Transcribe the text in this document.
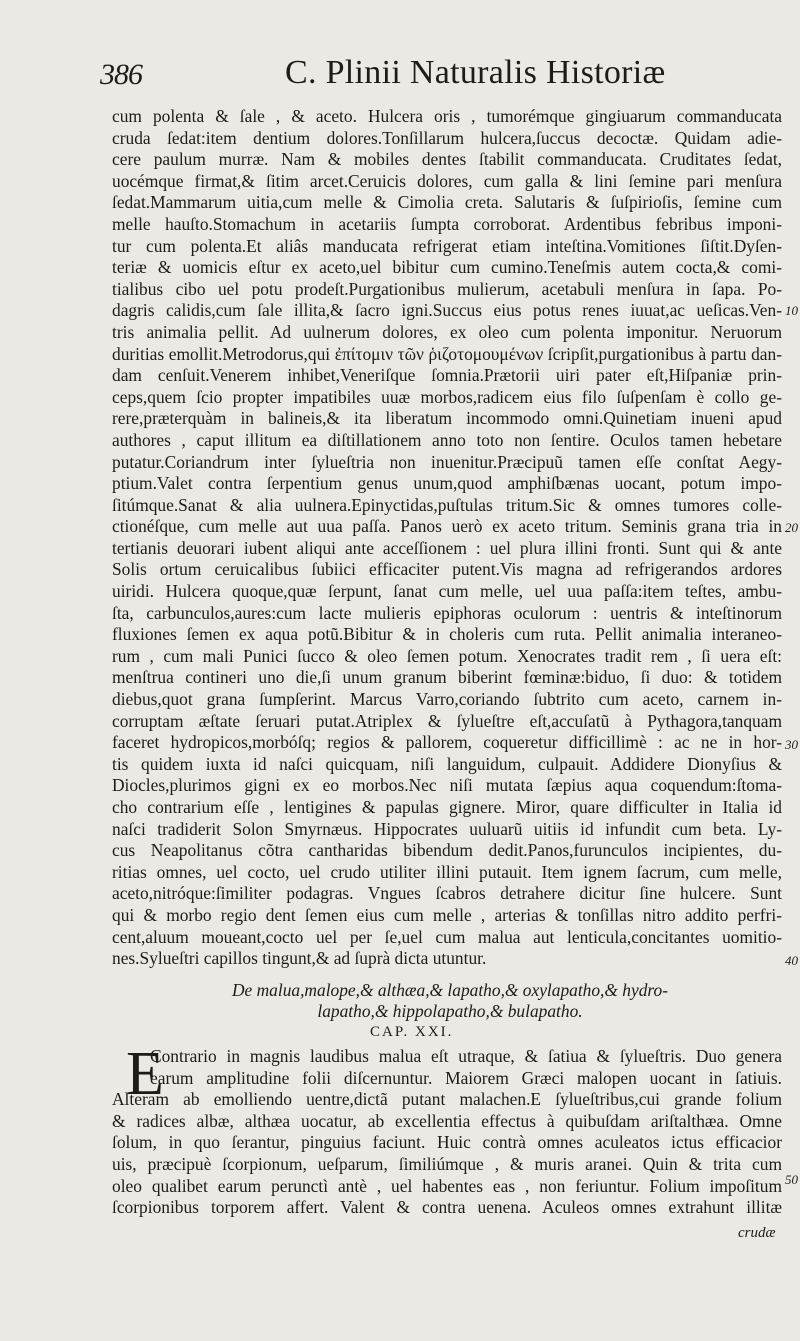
386	C. Plinii Naturalis Historiæ
cum polenta & ſale , & aceto. Hulcera oris , tumorémque gingiuarum commanducata
cruda ſedat:item dentium dolores.Tonſillarum hulcera,ſuccus decoctæ. Quidam adie-
cere paulum murræ. Nam & mobiles dentes ſtabilit commanducata. Cruditates ſedat,
uocémque firmat,& ſitim arcet.Ceruicis dolores, cum galla & lini ſemine pari menſura
ſedat.Mammarum uitia,cum melle & Cimolia creta. Salutaris & ſuſpirioſis, ſemine cum
melle hauſto.Stomachum in acetariis ſumpta corroborat. Ardentibus febribus imponi-
tur cum polenta.Et aliâs manducata refrigerat etiam inteſtina.Vomitiones ſiſtit.Dyſen-
teriæ & uomicis eſtur ex aceto,uel bibitur cum cumino.Teneſmis autem cocta,& comi-
tialibus cibo uel potu prodeſt.Purgationibus mulierum, acetabuli menſura in ſapa. Po-
dagris calidis,cum ſale illita,& ſacro igni.Succus eius potus renes iuuat,ac ueſicas.Ven-
tris animalia pellit. Ad uulnerum dolores, ex oleo cum polenta imponitur. Neruorum
duritias emollit.Metrodorus,qui ἐπίτομιν τῶν ῥιζοτομουμένων ſcripſit,purgationibus à partu dan-
dam cenſuit.Venerem inhibet,Veneriſque ſomnia.Prætorii uiri pater eſt,Hiſpaniæ prin-
ceps,quem ſcio propter impatibiles uuæ morbos,radicem eius filo ſuſpenſam è collo ge-
rere,præterquàm in balineis,& ita liberatum incommodo omni.Quinetiam inueni apud
authores , caput illitum ea diſtillationem anno toto non ſentire. Oculos tamen hebetare
putatur.Coriandrum inter ſylueſtria non inuenitur.Præcipuũ tamen eſſe conſtat Aegy-
ptium.Valet contra ſerpentium genus unum,quod amphiſbænas uocant, potum impo-
ſitúmque.Sanat & alia uulnera.Epinyctidas,puſtulas tritum.Sic & omnes tumores colle-
ctionéſque, cum melle aut uua paſſa. Panos uerò ex aceto tritum. Seminis grana tria in
tertianis deuorari iubent aliqui ante acceſſionem : uel plura illini fronti. Sunt qui & ante
Solis ortum ceruicalibus ſubiici efficaciter putent.Vis magna ad refrigerandos ardores
uiridi. Hulcera quoque,quæ ſerpunt, ſanat cum melle, uel uua paſſa:item teſtes, ambu-
ſta, carbunculos,aures:cum lacte mulieris epiphoras oculorum : uentris & inteſtinorum
fluxiones ſemen ex aqua potũ.Bibitur & in choleris cum ruta. Pellit animalia interaneo-
rum , cum mali Punici ſucco & oleo ſemen potum. Xenocrates tradit rem , ſi uera eſt:
menſtrua contineri uno die,ſi unum granum biberint fœminæ:biduo, ſi duo: & totidem
diebus,quot grana ſumpſerint. Marcus Varro,coriando ſubtrito cum aceto, carnem in-
corruptam æſtate ſeruari putat.Atriplex & ſylueſtre eſt,accuſatũ à Pythagora,tanquam
faceret hydropicos,morbóſq; regios & pallorem, coqueretur difficillimè : ac ne in hor-
tis quidem iuxta id naſci quicquam, niſi languidum, culpauit. Addidere Dionyſius &
Diocles,plurimos gigni ex eo morbos.Nec niſi mutata ſæpius aqua coquendum:ſtoma-
cho contrarium eſſe , lentigines & papulas gignere. Miror, quare difficulter in Italia id
naſci tradiderit Solon Smyrnæus. Hippocrates uuluarũ uitiis id infundit cum beta. Ly-
cus Neapolitanus cõtra cantharidas bibendum dedit.Panos,furunculos incipientes, du-
ritias omnes, uel cocto, uel crudo utiliter illini putauit. Item ignem ſacrum, cum melle,
aceto,nitróque:ſimiliter podagras. Vngues ſcabros detrahere dicitur ſine hulcere. Sunt
qui & morbo regio dent ſemen eius cum melle , arterias & tonſillas nitro addito perfri-
cent,aluum moueant,cocto uel per ſe,uel cum malua aut lenticula,concitantes uomitio-
nes.Sylueſtri capillos tingunt,& ad ſuprà dicta utuntur.
10
20
30
40
50
De malua,malope,& althæa,& lapatho,& oxylapatho,& hydro-
lapatho,& hippolapatho,& bulapatho.
CAP. XXI.
E
Contrario in magnis laudibus malua eſt utraque, & ſatiua & ſylueſtris. Duo genera
earum amplitudine folii diſcernuntur. Maiorem Græci malopen uocant in ſatiuis.
Alteram ab emolliendo uentre,dictã putant malachen.E ſylueſtribus,cui grande folium
& radices albæ, althæa uocatur, ab excellentia effectus à quibuſdam ariſtalthæa. Omne
ſolum, in quo ſerantur, pinguius faciunt. Huic contrà omnes aculeatos ictus efficacior
uis, præcipuè ſcorpionum, ueſparum, ſimiliúmque , & muris aranei. Quin & trita cum
oleo qualibet earum perunctì antè , uel habentes eas , non feriuntur. Folium impoſitum
ſcorpionibus torporem affert. Valent & contra uenena. Aculeos omnes extrahunt illitæ
crudæ
